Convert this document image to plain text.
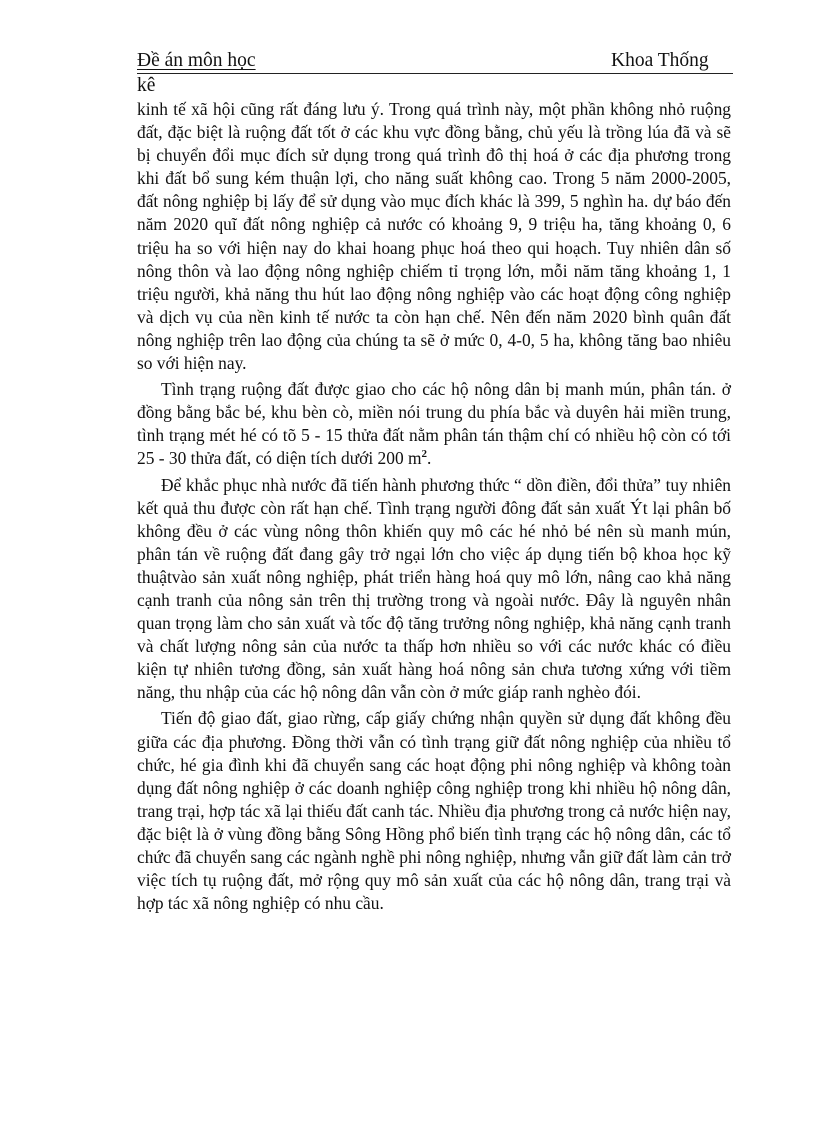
Đề án môn học	Khoa Thống
kê

kinh tế xã hội cũng rất đáng lưu ý. Trong quá trình này, một phần không nhỏ ruộng đất, đặc biệt là ruộng đất tốt ở các khu vực đồng bằng, chủ yếu là trồng lúa đã và sẽ bị chuyển đổi mục đích sử dụng trong quá trình đô thị hoá ở các địa phương trong khi đất bổ sung kém thuận lợi, cho năng suất không cao. Trong 5 năm 2000-2005, đất nông nghiệp bị lấy để sử dụng vào mục đích khác là 399, 5 nghìn ha. dự báo đến năm 2020 quĩ đất nông nghiệp cả nước có khoảng 9, 9 triệu ha, tăng khoảng 0, 6 triệu ha so với hiện nay do khai hoang phục hoá theo qui hoạch. Tuy nhiên dân số nông thôn và lao động nông nghiệp chiếm tỉ trọng lớn, mỗi năm tăng khoảng 1, 1 triệu người, khả năng thu hút lao động nông nghiệp vào các hoạt động công nghiệp và dịch vụ của nền kinh tế nước ta còn hạn chế. Nên đến năm 2020 bình quân đất nông nghiệp trên lao động của chúng ta sẽ ở mức 0, 4-0, 5 ha, không tăng bao nhiêu so với hiện nay.

Tình trạng ruộng đất được giao cho các hộ nông dân bị manh mún, phân tán. ở đồng bằng bắc bé, khu bèn cò, miền nói trung du phía bắc và duyên hải miền trung, tình trạng mét hé có tõ 5 - 15 thửa đất nằm phân tán thậm chí có nhiều hộ còn có tới 25 - 30 thửa đất, có diện tích dưới 200 $m^2$.

Để khắc phục nhà nước đã tiến hành phương thức “ dồn điền, đổi thửa” tuy nhiên kết quả thu được còn rất hạn chế. Tình trạng người đông đất sản xuất Ýt lại phân bố không đều ở các vùng nông thôn khiến quy mô các hé nhỏ bé nên sù manh mún, phân tán về ruộng đất đang gây trở ngại lớn cho việc áp dụng tiến bộ khoa học kỹ thuậtvào sản xuất nông nghiệp, phát triển hàng hoá quy mô lớn, nâng cao khả năng cạnh tranh của nông sản trên thị trường trong và ngoài nước. Đây là nguyên nhân quan trọng làm cho sản xuất và tốc độ tăng trưởng nông nghiệp, khả năng cạnh tranh và chất lượng nông sản của nước ta thấp hơn nhiều so với các nước khác có điều kiện tự nhiên tương đồng, sản xuất hàng hoá nông sản chưa tương xứng với tiềm năng, thu nhập của các hộ nông dân vẫn còn ở mức giáp ranh nghèo đói.

Tiến độ giao đất, giao rừng, cấp giấy chứng nhận quyền sử dụng đất không đều giữa các địa phương. Đồng thời vẫn có tình trạng giữ đất nông nghiệp của nhiều tổ chức, hé gia đình khi đã chuyển sang các hoạt động phi nông nghiệp và không toàn dụng đất nông nghiệp ở các doanh nghiệp công nghiệp trong khi nhiều hộ nông dân, trang trại, hợp tác xã lại thiếu đất canh tác. Nhiều địa phương trong cả nước hiện nay, đặc biệt là ở vùng đồng bằng Sông Hồng phổ biến tình trạng các hộ nông dân, các tổ chức đã chuyển sang các ngành nghề phi nông nghiệp, nhưng vẫn giữ đất làm cản trở việc tích tụ ruộng đất, mở rộng quy mô sản xuất của các hộ nông dân, trang trại và hợp tác xã nông nghiệp có nhu cầu.
